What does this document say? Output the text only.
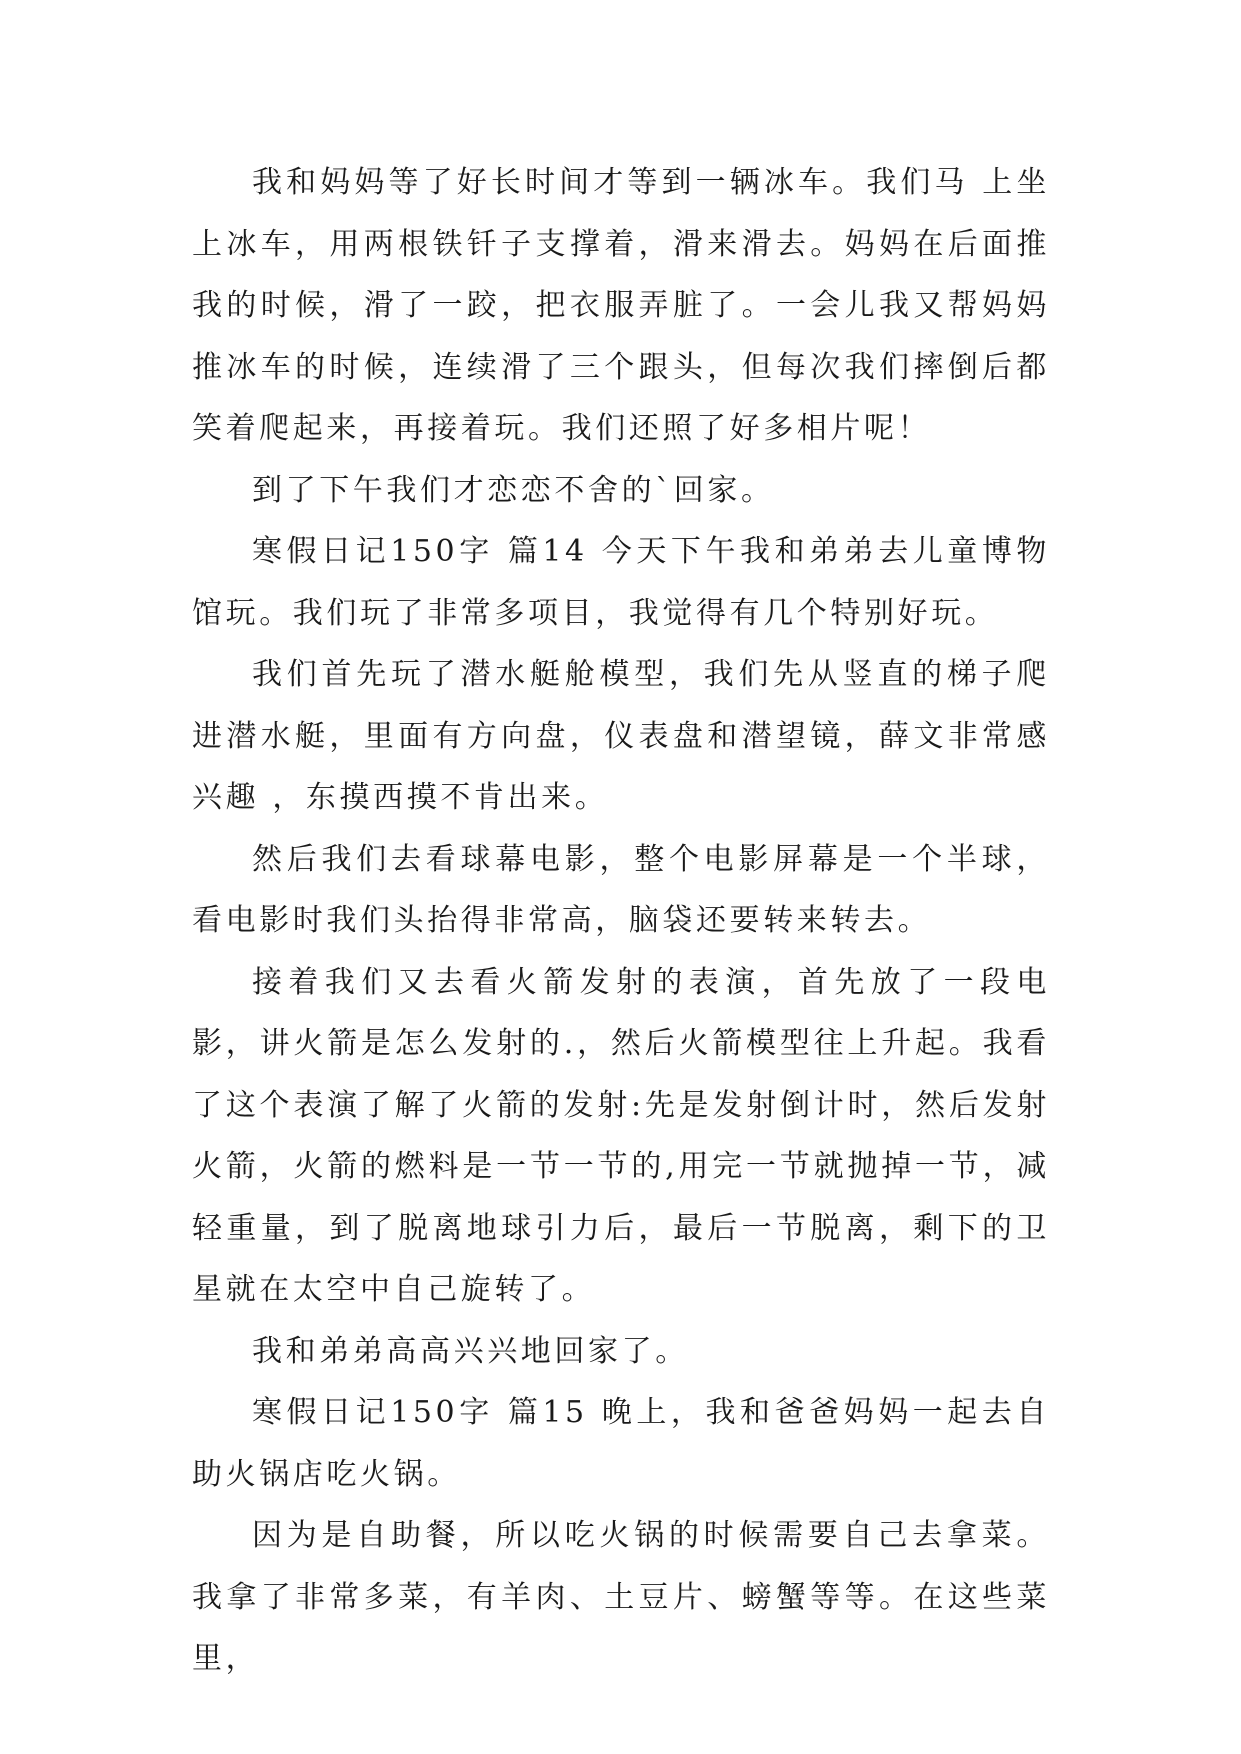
我和妈妈等了好长时间才等到一辆冰车。我们马 上坐上冰车，用两根铁钎子支撑着，滑来滑去。妈妈在后面推我的时候，滑了一跤，把衣服弄脏了。一会儿我又帮妈妈推冰车的时候，连续滑了三个跟头，但每次我们摔倒后都笑着爬起来，再接着玩。我们还照了好多相片呢！

到了下午我们才恋恋不舍的`回家。

寒假日记150字 篇14 今天下午我和弟弟去儿童博物馆玩。我们玩了非常多项目，我觉得有几个特别好玩。

我们首先玩了潜水艇舱模型，我们先从竖直的梯子爬进潜水艇，里面有方向盘，仪表盘和潜望镜，薛文非常感兴趣 ，东摸西摸不肯出来。

然后我们去看球幕电影，整个电影屏幕是一个半球，看电影时我们头抬得非常高，脑袋还要转来转去。

接着我们又去看火箭发射的表演，首先放了一段电影，讲火箭是怎么发射的.，然后火箭模型往上升起。我看了这个表演了解了火箭的发射:先是发射倒计时，然后发射火箭，火箭的燃料是一节一节的,用完一节就抛掉一节，减轻重量，到了脱离地球引力后，最后一节脱离，剩下的卫星就在太空中自己旋转了。

我和弟弟高高兴兴地回家了。

寒假日记150字 篇15 晚上，我和爸爸妈妈一起去自助火锅店吃火锅。

因为是自助餐，所以吃火锅的时候需要自己去拿菜。我拿了非常多菜，有羊肉、土豆片、螃蟹等等。在这些菜里，
